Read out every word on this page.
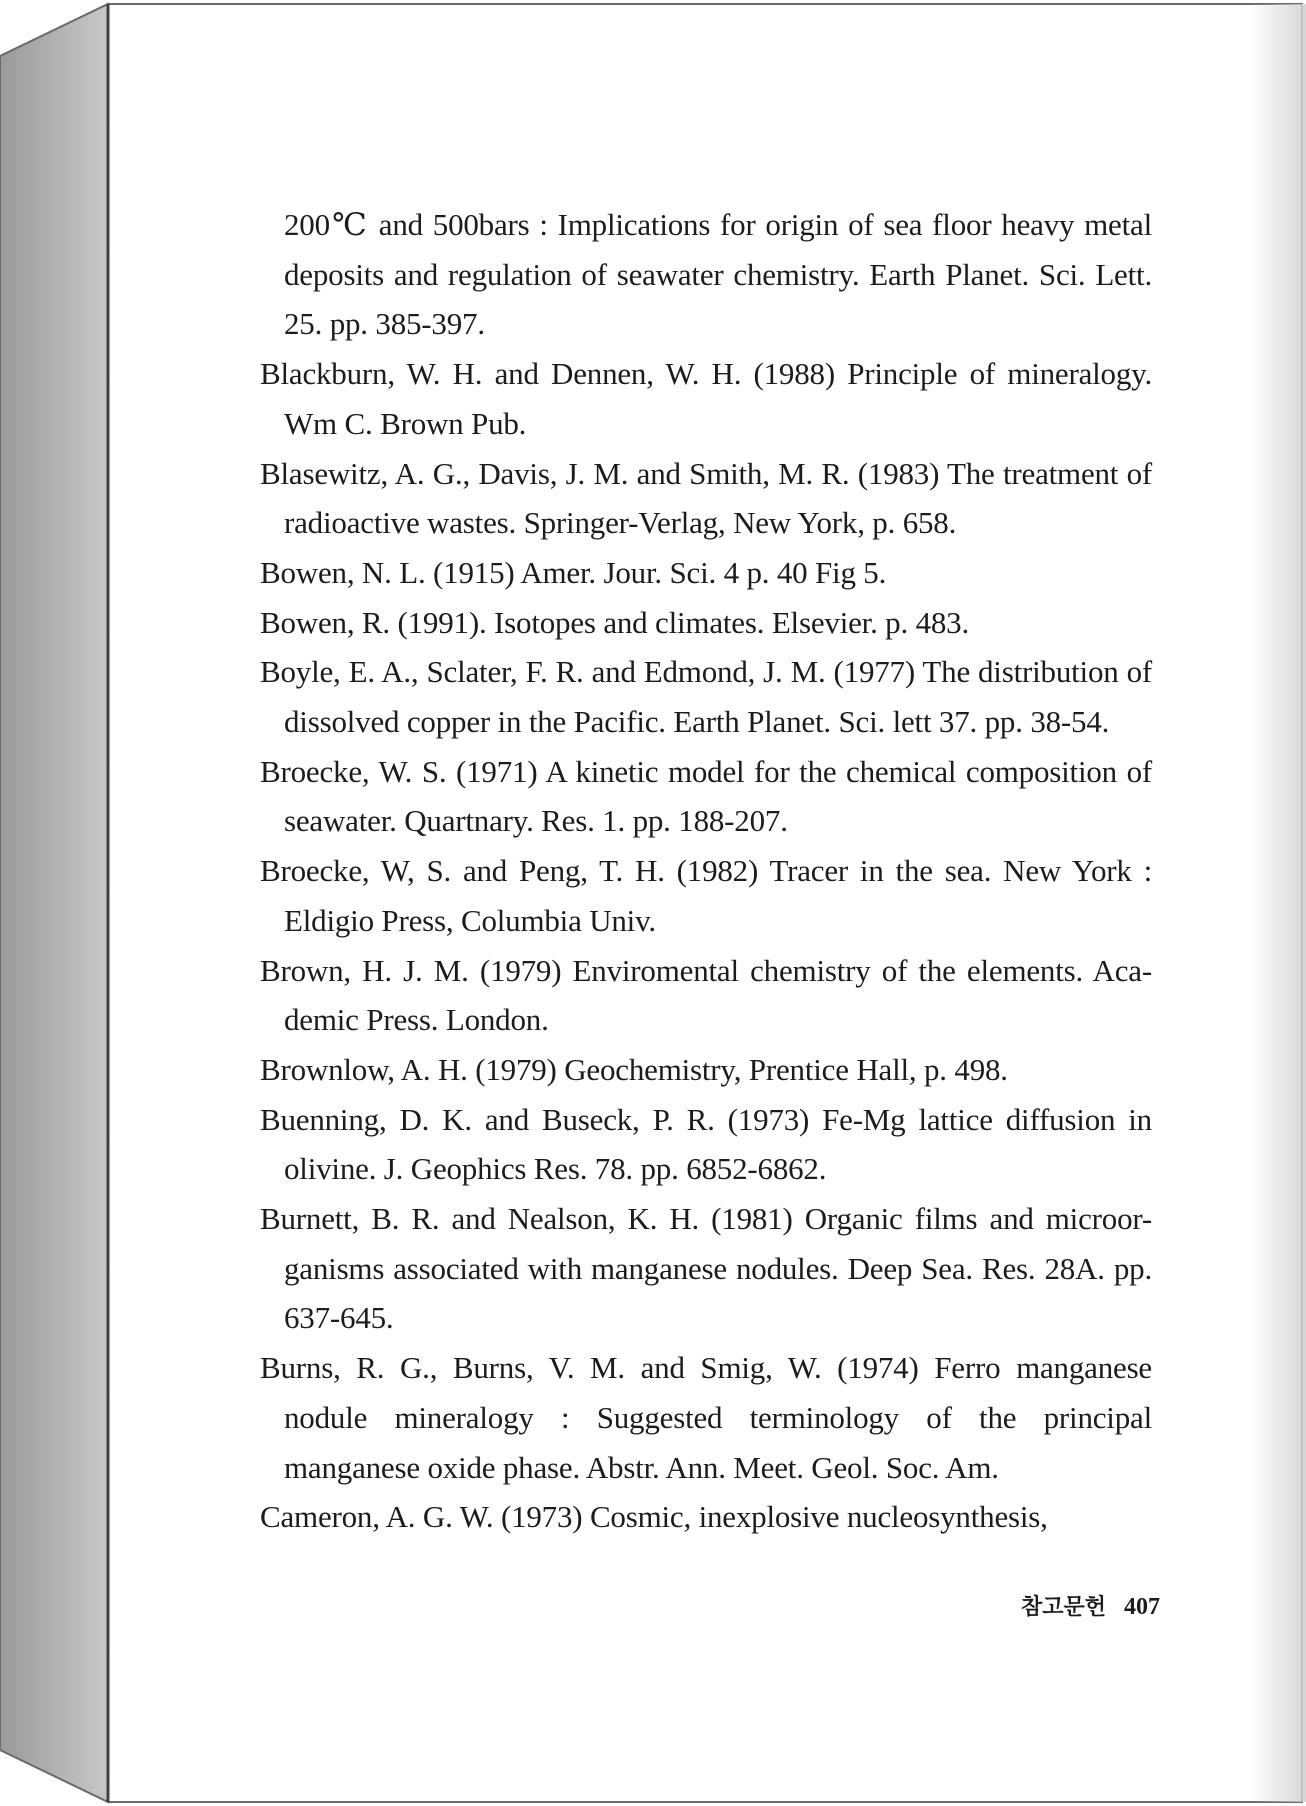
200℃ and 500bars : Implications for origin of sea floor heavy metal deposits and regulation of seawater chemistry. Earth Planet. Sci. Lett. 25. pp. 385-397.

Blackburn, W. H. and Dennen, W. H. (1988) Principle of mineralogy. Wm C. Brown Pub.

Blasewitz, A. G., Davis, J. M. and Smith, M. R. (1983) The treatment of radioactive wastes. Springer-Verlag, New York, p. 658.

Bowen, N. L. (1915) Amer. Jour. Sci. 4 p. 40 Fig 5.

Bowen, R. (1991). Isotopes and climates. Elsevier. p. 483.

Boyle, E. A., Sclater, F. R. and Edmond, J. M. (1977) The distribution of dissolved copper in the Pacific. Earth Planet. Sci. lett 37. pp. 38-54.

Broecke, W. S. (1971) A kinetic model for the chemical composition of seawater. Quartnary. Res. 1. pp. 188-207.

Broecke, W, S. and Peng, T. H. (1982) Tracer in the sea. New York : Eldigio Press, Columbia Univ.

Brown, H. J. M. (1979) Enviromental chemistry of the elements. Aca-demic Press. London.

Brownlow, A. H. (1979) Geochemistry, Prentice Hall, p. 498.

Buenning, D. K. and Buseck, P. R. (1973) Fe-Mg lattice diffusion in olivine. J. Geophics Res. 78. pp. 6852-6862.

Burnett, B. R. and Nealson, K. H. (1981) Organic films and microor-ganisms associated with manganese nodules. Deep Sea. Res. 28A. pp. 637-645.

Burns, R. G., Burns, V. M. and Smig, W. (1974) Ferro manganese nodule mineralogy : Suggested terminology of the principal manganese oxide phase. Abstr. Ann. Meet. Geol. Soc. Am.

Cameron, A. G. W. (1973) Cosmic, inexplosive nucleosynthesis,

참고문헌 407
